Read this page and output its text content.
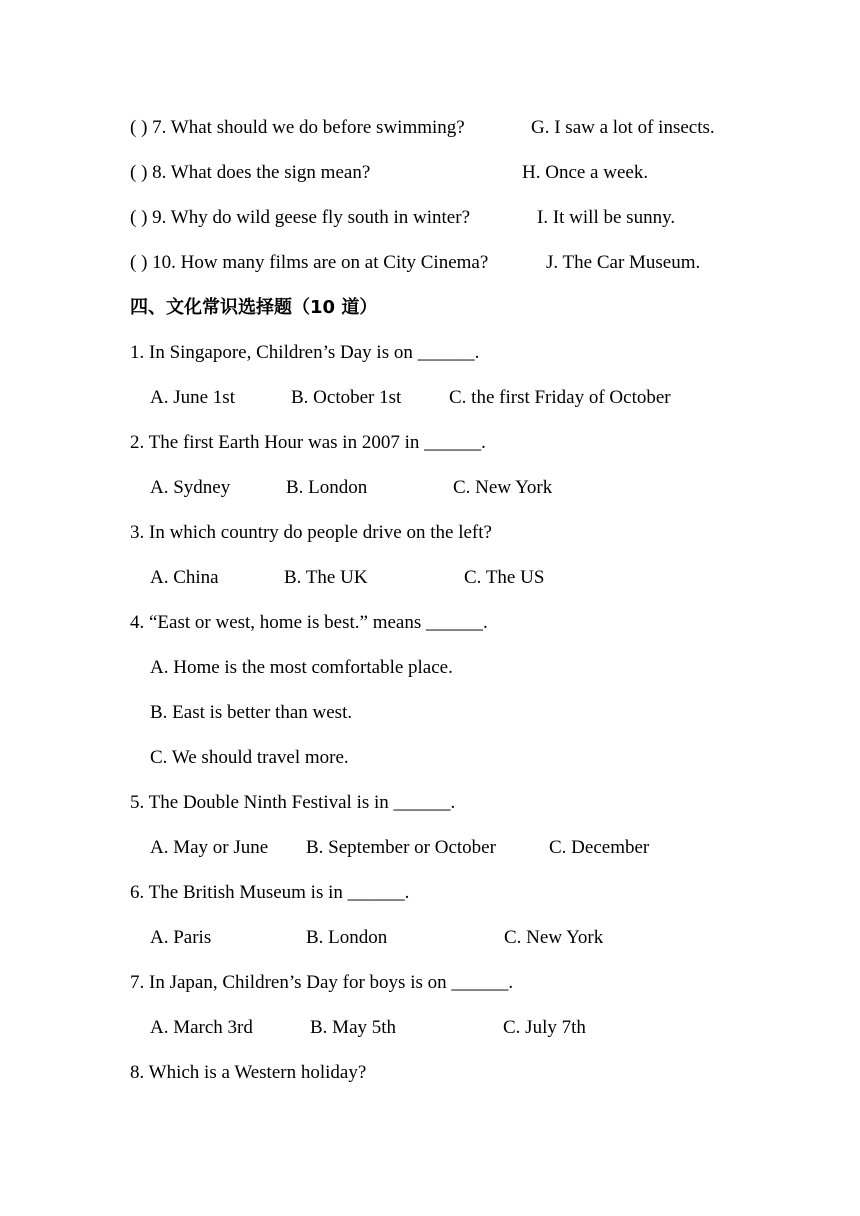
( ) 7. What should we do before swimming?	G. I saw a lot of insects.
( ) 8. What does the sign mean?	H. Once a week.
( ) 9. Why do wild geese fly south in winter?	I. It will be sunny.
( ) 10. How many films are on at City Cinema?	J. The Car Museum.
四、文化常识选择题（10 道）
1. In Singapore, Children’s Day is on ______.
A. June 1st	B. October 1st	C. the first Friday of October
2. The first Earth Hour was in 2007 in ______.
A. Sydney	B. London	C. New York
3. In which country do people drive on the left?
A. China	B. The UK	C. The US
4. “East or west, home is best.” means ______.
A. Home is the most comfortable place.
B. East is better than west.
C. We should travel more.
5. The Double Ninth Festival is in ______.
A. May or June B. September or October	C. December
6. The British Museum is in ______.
A. Paris	B. London	C. New York
7. In Japan, Children’s Day for boys is on ______.
A. March 3rd	B. May 5th	C. July 7th
8. Which is a Western holiday?
